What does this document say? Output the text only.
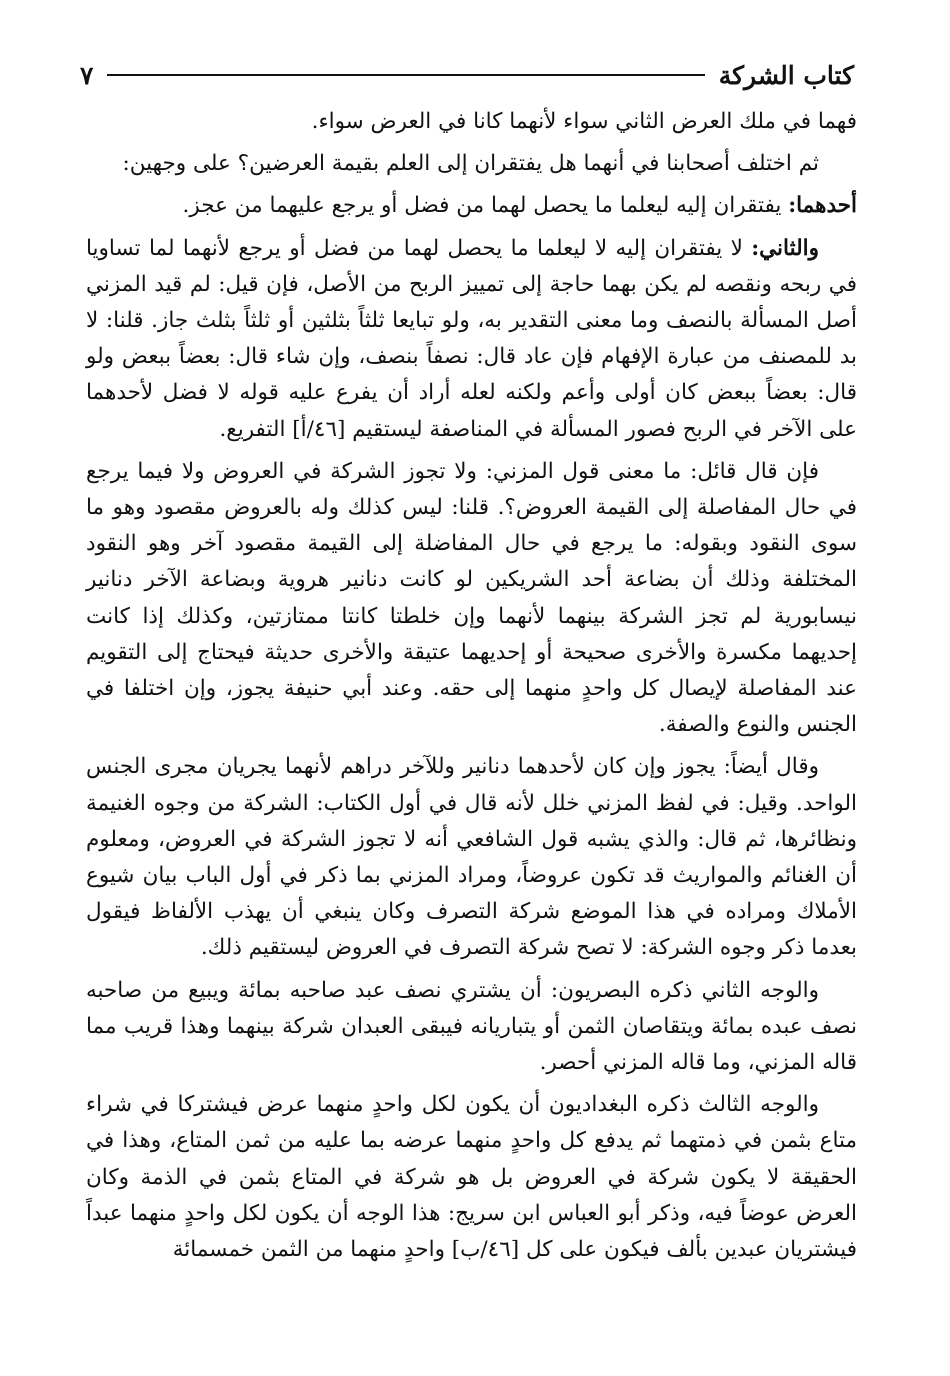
كتاب الشركة
٧

فهما في ملك العرض الثاني سواء لأنهما كانا في العرض سواء.

ثم اختلف أصحابنا في أنهما هل يفتقران إلى العلم بقيمة العرضين؟ على وجهين:

أحدهما: يفتقران إليه ليعلما ما يحصل لهما من فضل أو يرجع عليهما من عجز.

والثاني: لا يفتقران إليه لا ليعلما ما يحصل لهما من فضل أو يرجع لأنهما لما تساويا في ربحه ونقصه لم يكن بهما حاجة إلى تمييز الربح من الأصل، فإن قيل: لم قيد المزني أصل المسألة بالنصف وما معنى التقدير به، ولو تبايعا ثلثاً بثلثين أو ثلثاً بثلث جاز. قلنا: لا بد للمصنف من عبارة الإفهام فإن عاد قال: نصفاً بنصف، وإن شاء قال: بعضاً ببعض ولو قال: بعضاً ببعض كان أولى وأعم ولكنه لعله أراد أن يفرع عليه قوله لا فضل لأحدهما على الآخر في الربح فصور المسألة في المناصفة ليستقيم [٤٦/أ] التفريع.

فإن قال قائل: ما معنى قول المزني: ولا تجوز الشركة في العروض ولا فيما يرجع في حال المفاصلة إلى القيمة العروض؟. قلنا: ليس كذلك وله بالعروض مقصود وهو ما سوى النقود وبقوله: ما يرجع في حال المفاضلة إلى القيمة مقصود آخر وهو النقود المختلفة وذلك أن بضاعة أحد الشريكين لو كانت دنانير هروية وبضاعة الآخر دنانير نيسابورية لم تجز الشركة بينهما لأنهما وإن خلطتا كانتا ممتازتين، وكذلك إذا كانت إحديهما مكسرة والأخرى صحيحة أو إحديهما عتيقة والأخرى حديثة فيحتاج إلى التقويم عند المفاصلة لإيصال كل واحدٍ منهما إلى حقه. وعند أبي حنيفة يجوز، وإن اختلفا في الجنس والنوع والصفة.

وقال أيضاً: يجوز وإن كان لأحدهما دنانير وللآخر دراهم لأنهما يجريان مجرى الجنس الواحد. وقيل: في لفظ المزني خلل لأنه قال في أول الكتاب: الشركة من وجوه الغنيمة ونظائرها، ثم قال: والذي يشبه قول الشافعي أنه لا تجوز الشركة في العروض، ومعلوم أن الغنائم والمواريث قد تكون عروضاً، ومراد المزني بما ذكر في أول الباب بيان شيوع الأملاك ومراده في هذا الموضع شركة التصرف وكان ينبغي أن يهذب الألفاظ فيقول بعدما ذكر وجوه الشركة: لا تصح شركة التصرف في العروض ليستقيم ذلك.

والوجه الثاني ذكره البصريون: أن يشتري نصف عبد صاحبه بمائة ويبيع من صاحبه نصف عبده بمائة ويتقاصان الثمن أو يتباريانه فيبقى العبدان شركة بينهما وهذا قريب مما قاله المزني، وما قاله المزني أحصر.

والوجه الثالث ذكره البغداديون أن يكون لكل واحدٍ منهما عرض فيشتركا في شراء متاع بثمن في ذمتهما ثم يدفع كل واحدٍ منهما عرضه بما عليه من ثمن المتاع، وهذا في الحقيقة لا يكون شركة في العروض بل هو شركة في المتاع بثمن في الذمة وكان العرض عوضاً فيه، وذكر أبو العباس ابن سريج: هذا الوجه أن يكون لكل واحدٍ منهما عبداً فيشتريان عبدين بألف فيكون على كل [٤٦/ب] واحدٍ منهما من الثمن خمسمائة
